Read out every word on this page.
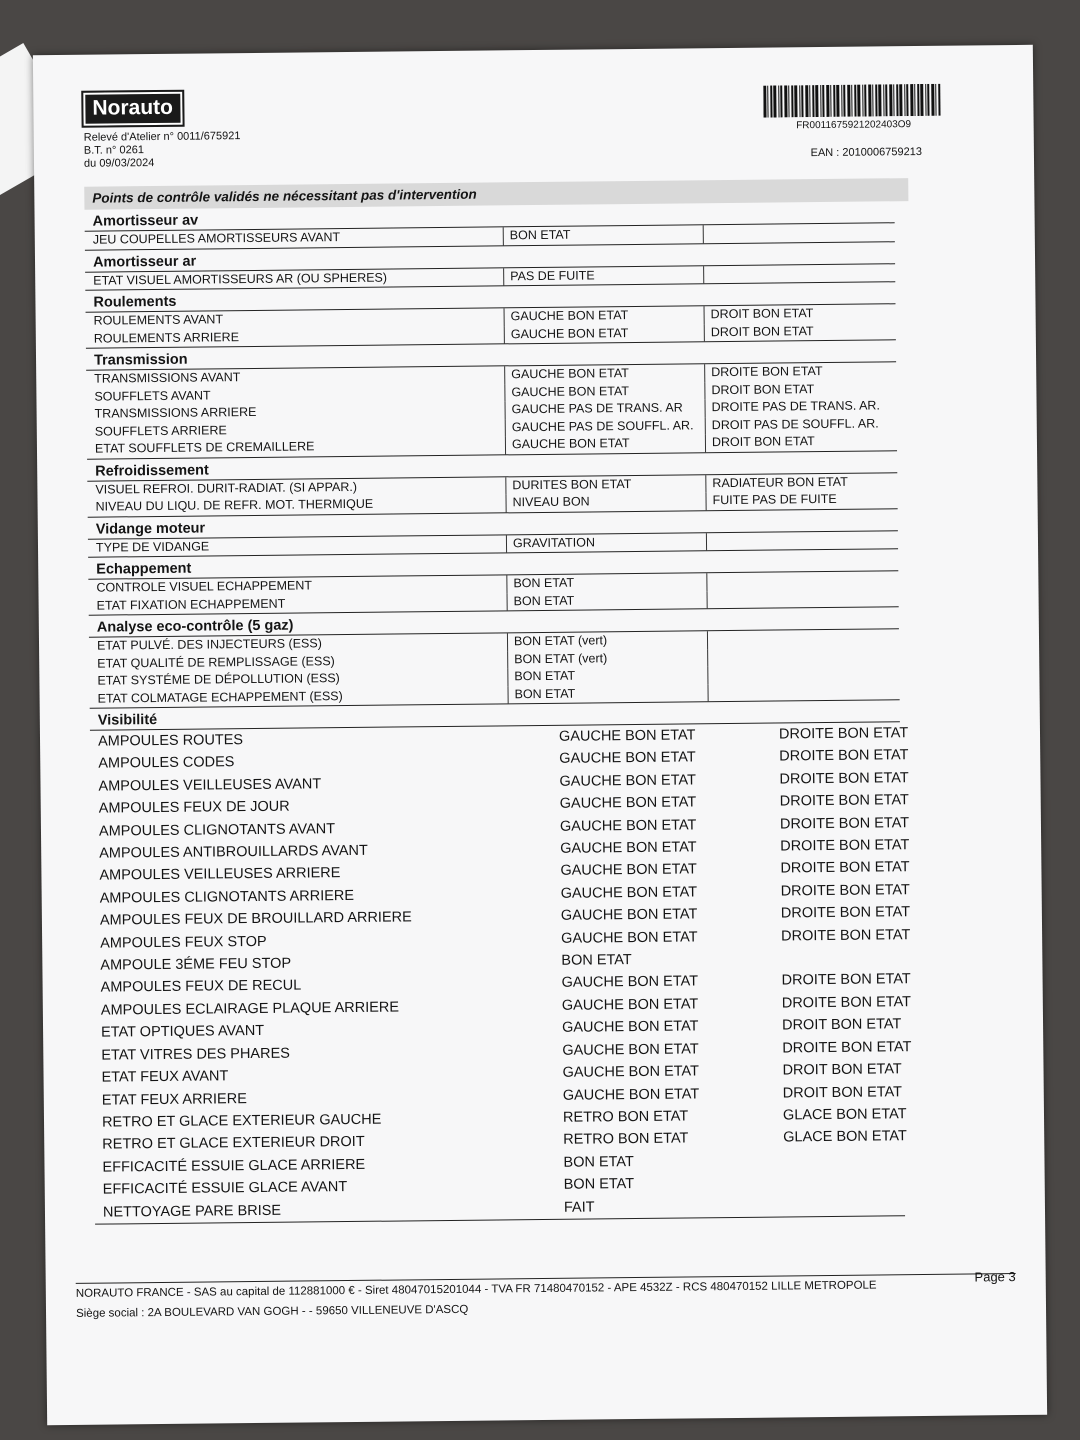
Norauto
Relevé d'Atelier n° 0011/675921
B.T. n° 0261
du 09/03/2024
FR0011675921202403O9
EAN : 2010006759213
Points de contrôle validés ne nécessitant pas d'intervention
Amortisseur av
JEU COUPELLES AMORTISSEURS AVANT	BON ETAT
Amortisseur ar
ETAT VISUEL AMORTISSEURS AR (OU SPHERES)	PAS DE FUITE
Roulements
ROULEMENTS AVANT	GAUCHE BON ETAT	DROIT BON ETAT
ROULEMENTS ARRIERE	GAUCHE BON ETAT	DROIT BON ETAT
Transmission
TRANSMISSIONS AVANT	GAUCHE BON ETAT	DROITE BON ETAT
SOUFFLETS AVANT	GAUCHE BON ETAT	DROIT BON ETAT
TRANSMISSIONS ARRIERE	GAUCHE PAS DE TRANS. AR	DROITE PAS DE TRANS. AR.
SOUFFLETS ARRIERE	GAUCHE PAS DE SOUFFL. AR.	DROIT PAS DE SOUFFL. AR.
ETAT SOUFFLETS DE CREMAILLERE	GAUCHE BON ETAT	DROIT BON ETAT
Refroidissement
VISUEL REFROI. DURIT-RADIAT. (SI APPAR.)	DURITES BON ETAT	RADIATEUR BON ETAT
NIVEAU DU LIQU. DE REFR. MOT. THERMIQUE	NIVEAU BON	FUITE PAS DE FUITE
Vidange moteur
TYPE DE VIDANGE	GRAVITATION
Echappement
CONTROLE VISUEL ECHAPPEMENT	BON ETAT
ETAT FIXATION ECHAPPEMENT	BON ETAT
Analyse eco-contrôle (5 gaz)
ETAT PULVÉ. DES INJECTEURS (ESS)	BON ETAT (vert)
ETAT QUALITÉ DE REMPLISSAGE (ESS)	BON ETAT (vert)
ETAT SYSTÉME DE DÉPOLLUTION (ESS)	BON ETAT
ETAT COLMATAGE ECHAPPEMENT (ESS)	BON ETAT
Visibilité
AMPOULES ROUTES	GAUCHE BON ETAT	DROITE BON ETAT
AMPOULES CODES	GAUCHE BON ETAT	DROITE BON ETAT
AMPOULES VEILLEUSES AVANT	GAUCHE BON ETAT	DROITE BON ETAT
AMPOULES FEUX DE JOUR	GAUCHE BON ETAT	DROITE BON ETAT
AMPOULES CLIGNOTANTS AVANT	GAUCHE BON ETAT	DROITE BON ETAT
AMPOULES ANTIBROUILLARDS AVANT	GAUCHE BON ETAT	DROITE BON ETAT
AMPOULES VEILLEUSES ARRIERE	GAUCHE BON ETAT	DROITE BON ETAT
AMPOULES CLIGNOTANTS ARRIERE	GAUCHE BON ETAT	DROITE BON ETAT
AMPOULES FEUX DE BROUILLARD ARRIERE	GAUCHE BON ETAT	DROITE BON ETAT
AMPOULES FEUX STOP	GAUCHE BON ETAT	DROITE BON ETAT
AMPOULE 3ÉME FEU STOP	BON ETAT
AMPOULES FEUX DE RECUL	GAUCHE BON ETAT	DROITE BON ETAT
AMPOULES ECLAIRAGE PLAQUE ARRIERE	GAUCHE BON ETAT	DROITE BON ETAT
ETAT OPTIQUES AVANT	GAUCHE BON ETAT	DROIT BON ETAT
ETAT VITRES DES PHARES	GAUCHE BON ETAT	DROITE BON ETAT
ETAT FEUX AVANT	GAUCHE BON ETAT	DROIT BON ETAT
ETAT FEUX ARRIERE	GAUCHE BON ETAT	DROIT BON ETAT
RETRO ET GLACE EXTERIEUR GAUCHE	RETRO BON ETAT	GLACE BON ETAT
RETRO ET GLACE EXTERIEUR DROIT	RETRO BON ETAT	GLACE BON ETAT
EFFICACITÉ ESSUIE GLACE ARRIERE	BON ETAT
EFFICACITÉ ESSUIE GLACE AVANT	BON ETAT
NETTOYAGE PARE BRISE	FAIT
Page 3
NORAUTO FRANCE - SAS au capital de 112881000 € - Siret 48047015201044 - TVA FR 71480470152 - APE 4532Z - RCS 480470152 LILLE METROPOLE
Siège social : 2A BOULEVARD VAN GOGH - - 59650 VILLENEUVE D'ASCQ
